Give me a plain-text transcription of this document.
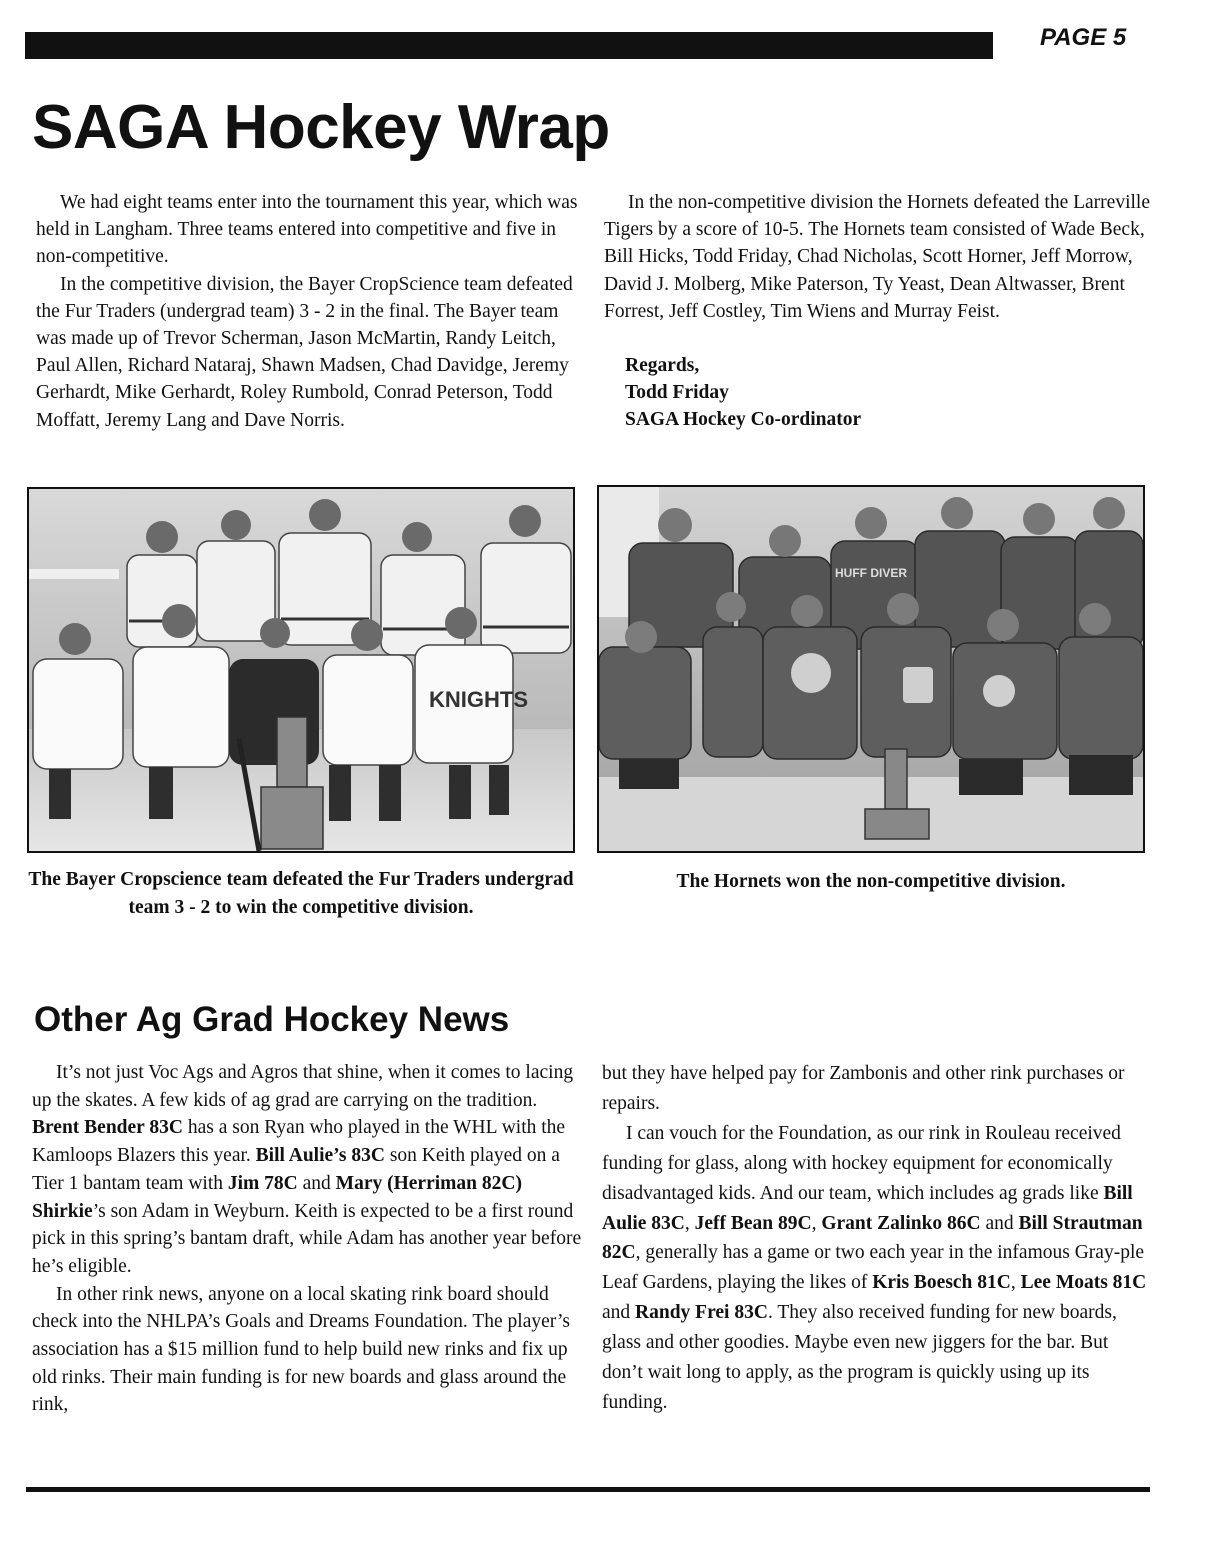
PAGE 5
SAGA Hockey Wrap

We had eight teams enter into the tournament this year, which was held in Langham. Three teams entered into competitive and five in non-competitive.

In the competitive division, the Bayer CropScience team defeated the Fur Traders (undergrad team) 3 - 2 in the final. The Bayer team was made up of Trevor Scherman, Jason McMartin, Randy Leitch, Paul Allen, Richard Nataraj, Shawn Madsen, Chad Davidge, Jeremy Gerhardt, Mike Gerhardt, Roley Rumbold, Conrad Peterson, Todd Moffatt, Jeremy Lang and Dave Norris.

In the non-competitive division the Hornets defeated the Larreville Tigers by a score of 10-5. The Hornets team consisted of Wade Beck, Bill Hicks, Todd Friday, Chad Nicholas, Scott Horner, Jeff Morrow, David J. Molberg, Mike Paterson, Ty Yeast, Dean Altwasser, Brent Forrest, Jeff Costley, Tim Wiens and Murray Feist.

Regards,
Todd Friday
SAGA Hockey Co-ordinator
KNIGHTS
HUFF DIVER
The Bayer Cropscience team defeated the Fur Traders undergrad team 3 - 2 to win the competitive division.
The Hornets won the non-competitive division.
Other Ag Grad Hockey News

It’s not just Voc Ags and Agros that shine, when it comes to lacing up the skates. A few kids of ag grad are carrying on the tradition. Brent Bender 83C has a son Ryan who played in the WHL with the Kamloops Blazers this year. Bill Aulie’s 83C son Keith played on a Tier 1 bantam team with Jim 78C and Mary (Herriman 82C) Shirkie’s son Adam in Weyburn. Keith is expected to be a first round pick in this spring’s bantam draft, while Adam has another year before he’s eligible.

In other rink news, anyone on a local skating rink board should check into the NHLPA’s Goals and Dreams Foundation. The player’s association has a $15 million fund to help build new rinks and fix up old rinks. Their main funding is for new boards and glass around the rink,

but they have helped pay for Zambonis and other rink purchases or repairs.

I can vouch for the Foundation, as our rink in Rouleau received funding for glass, along with hockey equipment for economically disadvantaged kids. And our team, which includes ag grads like Bill Aulie 83C, Jeff Bean 89C, Grant Zalinko 86C and Bill Strautman 82C, generally has a game or two each year in the infamous Gray-ple Leaf Gardens, playing the likes of Kris Boesch 81C, Lee Moats 81C and Randy Frei 83C. They also received funding for new boards, glass and other goodies. Maybe even new jiggers for the bar. But don’t wait long to apply, as the program is quickly using up its funding.
